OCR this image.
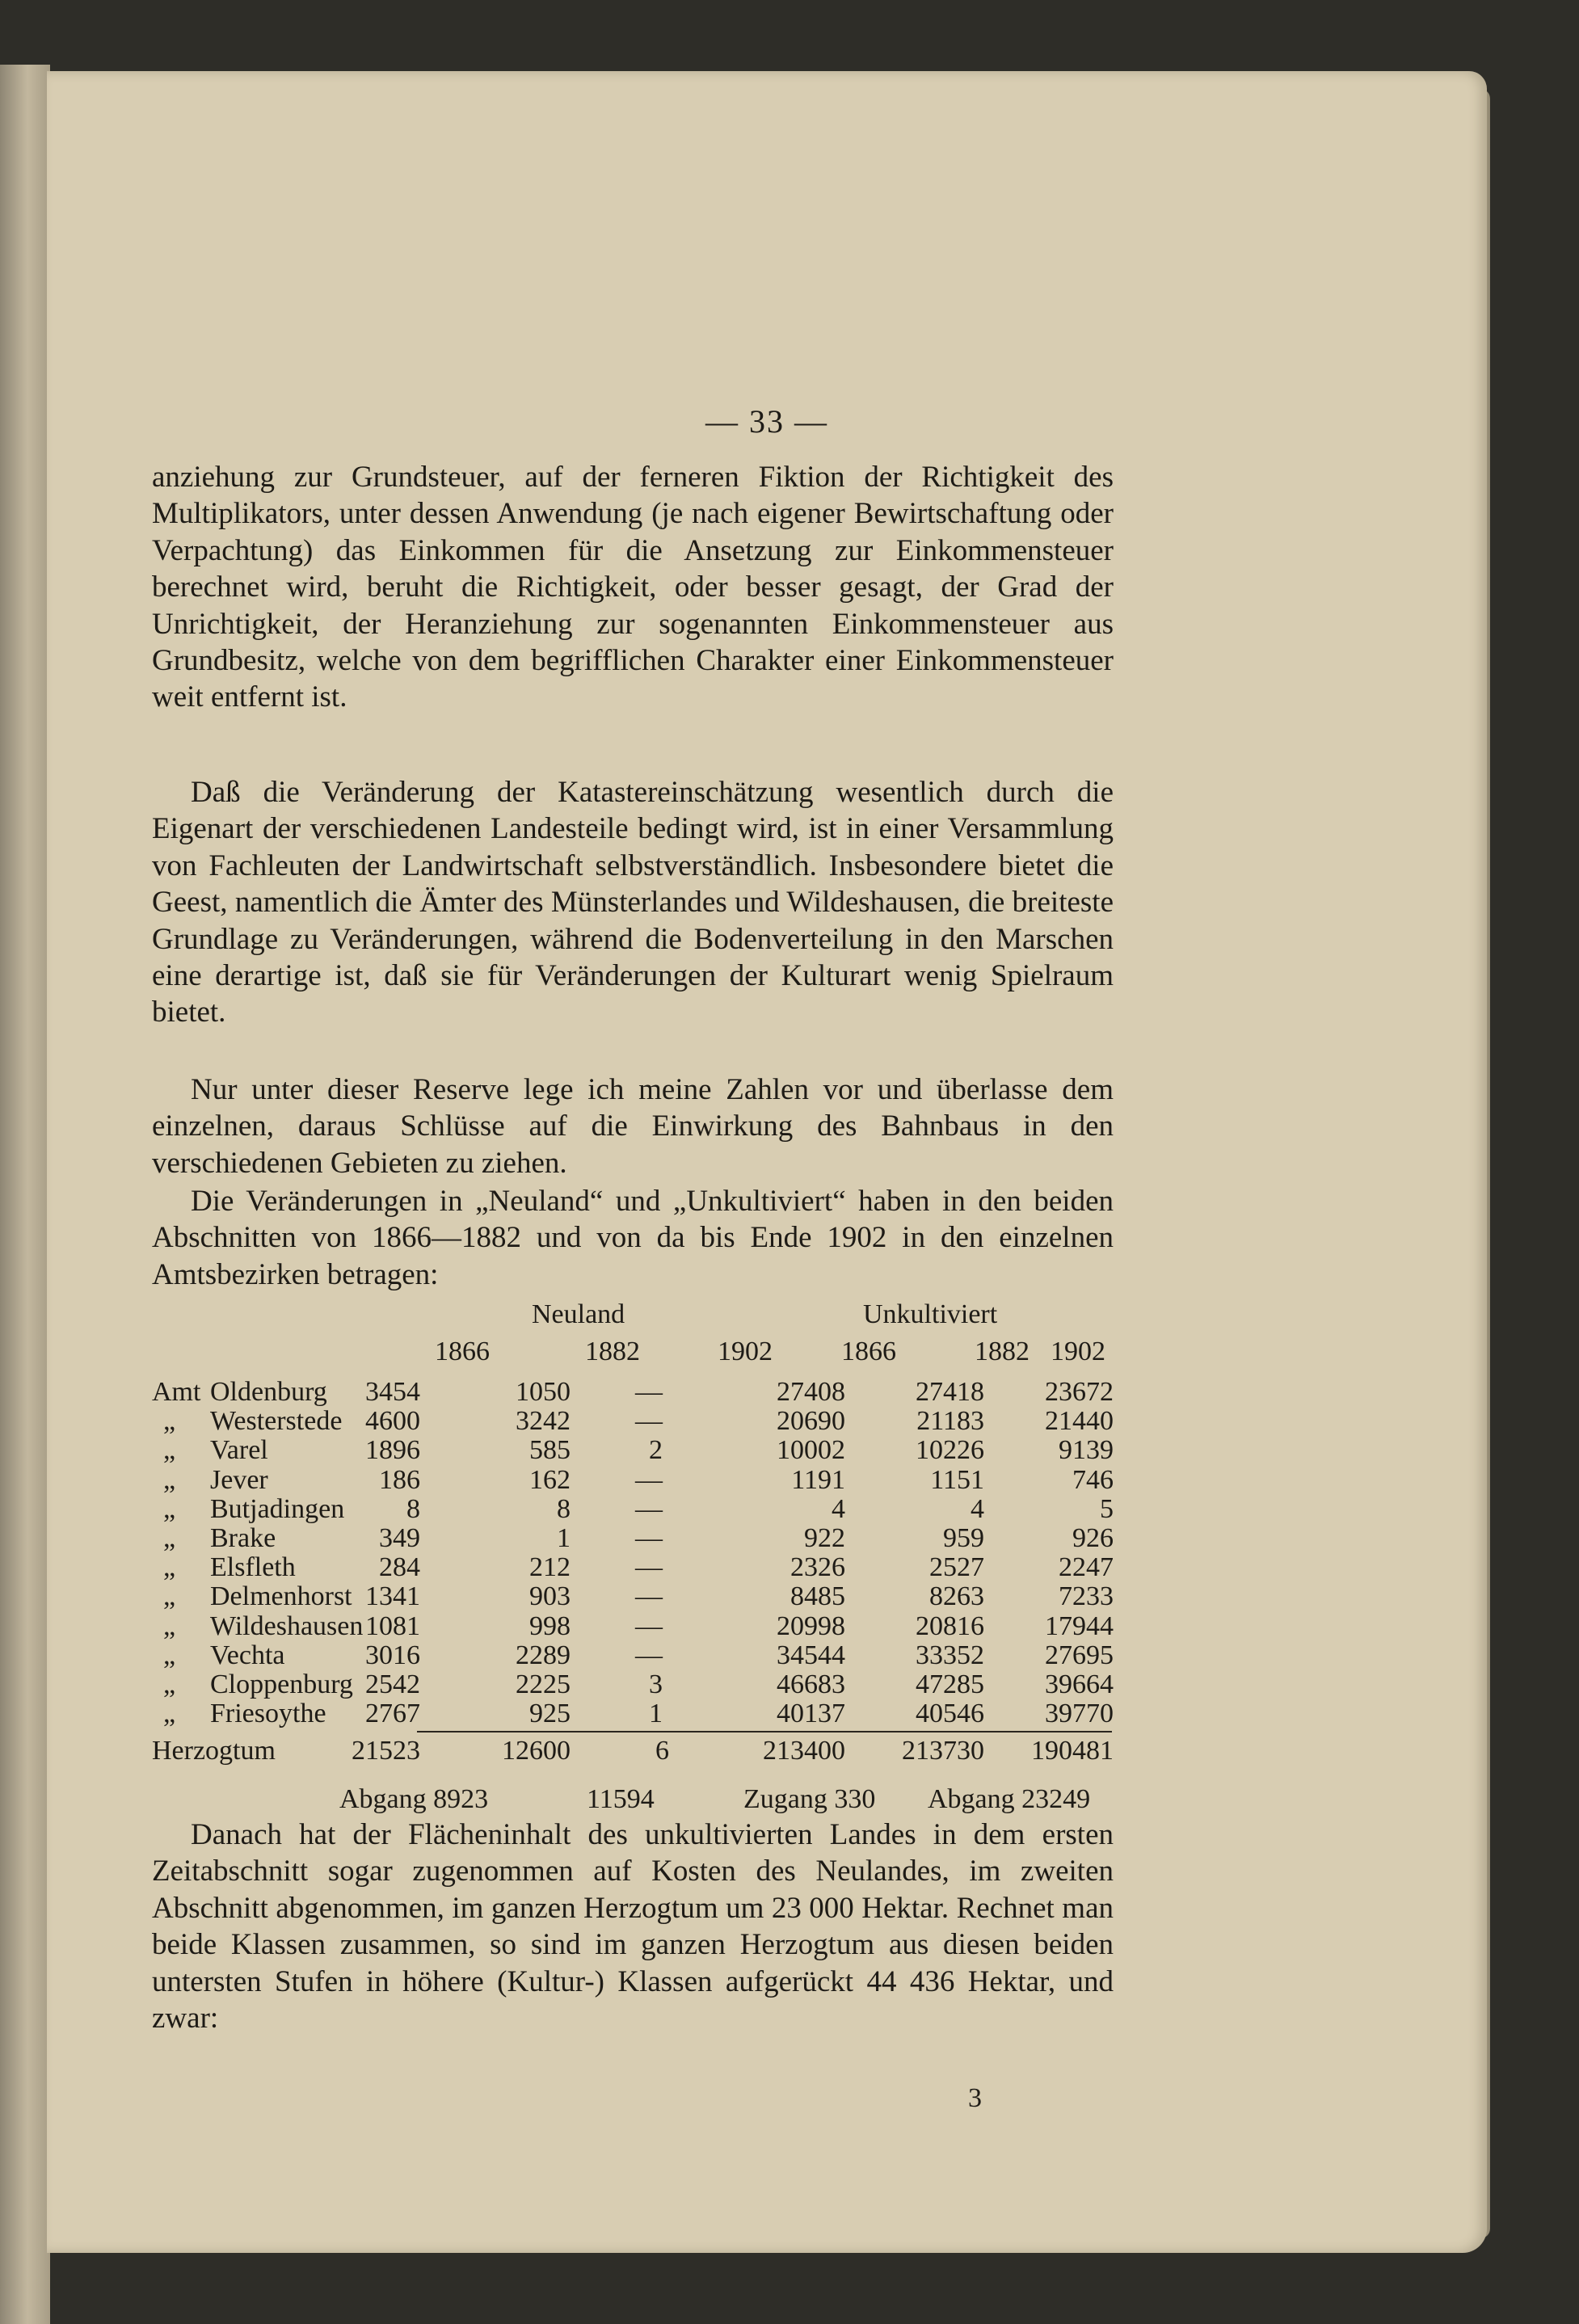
— 33 —
anziehung zur Grundsteuer, auf der ferneren Fiktion der Richtigkeit des Multiplikators, unter dessen Anwendung (je nach eigener Bewirtschaftung oder Verpachtung) das Einkommen für die Ansetzung zur Einkommensteuer berechnet wird, beruht die Richtigkeit, oder besser gesagt, der Grad der Unrichtigkeit, der Heranziehung zur sogenannten Einkommensteuer aus Grundbesitz, welche von dem begrifflichen Charakter einer Einkommensteuer weit entfernt ist.
Daß die Veränderung der Katastereinschätzung wesentlich durch die Eigenart der verschiedenen Landesteile bedingt wird, ist in einer Versammlung von Fachleuten der Landwirtschaft selbstverständlich. Insbesondere bietet die Geest, namentlich die Ämter des Münsterlandes und Wildeshausen, die breiteste Grundlage zu Veränderungen, während die Bodenverteilung in den Marschen eine derartige ist, daß sie für Veränderungen der Kulturart wenig Spielraum bietet.
Nur unter dieser Reserve lege ich meine Zahlen vor und überlasse dem einzelnen, daraus Schlüsse auf die Einwirkung des Bahnbaus in den verschiedenen Gebieten zu ziehen.
Die Veränderungen in „Neuland“ und „Unkultiviert“ haben in den beiden Abschnitten von 1866—1882 und von da bis Ende 1902 in den einzelnen Amtsbezirken betragen:
Neuland	Unkultiviert
1866	1882	1902	1866	1882 1902
Amt Oldenburg 3454	1050 —	27408	27418 23672
„ Westerstede 4600	3242 —	20690	21183 21440
„ Varel	1896	585	2	10002	10226	9139
„ Jever	186	162 —	1191	1151	746
„ Butjadingen 8	8 —	4	4	5
„ Brake	349	1 —	922	959	926
„ Elsfleth	284	212 —	2326	2527	2247
„ Delmenhorst 1341	903 —	8485	8263	7233
„ Wildeshausen 1081	998 —	20998	20816 17944
„ Vechta	3016	2289 —	34544	33352 27695
„ Cloppenburg 2542	2225	3	46683	47285 39664
„ Friesoythe 2767	925	1	40137	40546 39770
Herzogtum	21523	12600	6	213400 213730 190481
Abgang 8923	11594	Zugang 330 Abgang 23249
Danach hat der Flächeninhalt des unkultivierten Landes in dem ersten Zeitabschnitt sogar zugenommen auf Kosten des Neulandes, im zweiten Abschnitt abgenommen, im ganzen Herzogtum um 23 000 Hektar. Rechnet man beide Klassen zusammen, so sind im ganzen Herzogtum aus diesen beiden untersten Stufen in höhere (Kultur-) Klassen aufgerückt 44 436 Hektar, und zwar:
3
